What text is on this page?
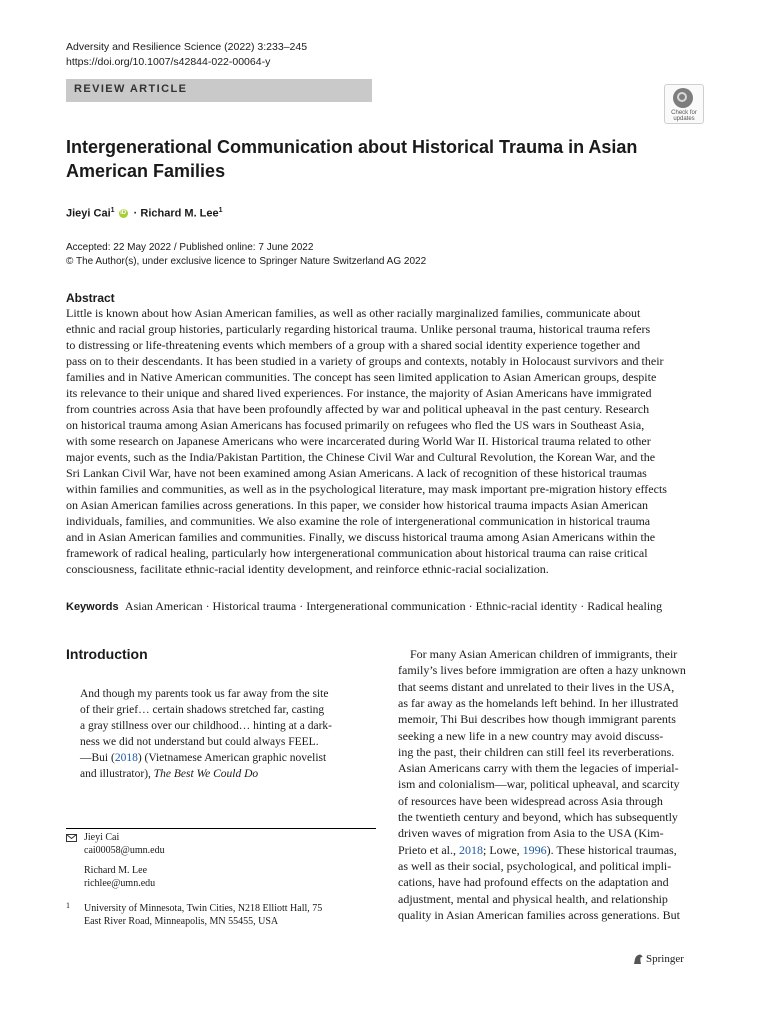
Adversity and Resilience Science (2022) 3:233–245
https://doi.org/10.1007/s42844-022-00064-y
REVIEW ARTICLE
Check for
updates
Intergenerational Communication about Historical Trauma in Asian
American Families
Jieyi Cai$^1$ iD · Richard M. Lee$^1$
Accepted: 22 May 2022 / Published online: 7 June 2022
© The Author(s), under exclusive licence to Springer Nature Switzerland AG 2022
Abstract
Little is known about how Asian American families, as well as other racially marginalized families, communicate about
ethnic and racial group histories, particularly regarding historical trauma. Unlike personal trauma, historical trauma refers
to distressing or life-threatening events which members of a group with a shared social identity experience together and
pass on to their descendants. It has been studied in a variety of groups and contexts, notably in Holocaust survivors and their
families and in Native American communities. The concept has seen limited application to Asian American groups, despite
its relevance to their unique and shared lived experiences. For instance, the majority of Asian Americans have immigrated
from countries across Asia that have been profoundly affected by war and political upheaval in the past century. Research
on historical trauma among Asian Americans has focused primarily on refugees who fled the US wars in Southeast Asia,
with some research on Japanese Americans who were incarcerated during World War II. Historical trauma related to other
major events, such as the India/Pakistan Partition, the Chinese Civil War and Cultural Revolution, the Korean War, and the
Sri Lankan Civil War, have not been examined among Asian Americans. A lack of recognition of these historical traumas
within families and communities, as well as in the psychological literature, may mask important pre-migration history effects
on Asian American families across generations. In this paper, we consider how historical trauma impacts Asian American
individuals, families, and communities. We also examine the role of intergenerational communication in historical trauma
and in Asian American families and communities. Finally, we discuss historical trauma among Asian Americans within the
framework of radical healing, particularly how intergenerational communication about historical trauma can raise critical
consciousness, facilitate ethnic-racial identity development, and reinforce ethnic-racial socialization.
Keywords Asian American · Historical trauma · Intergenerational communication · Ethnic-racial identity · Radical healing
Introduction
And though my parents took us far away from the site
of their grief… certain shadows stretched far, casting
a gray stillness over our childhood… hinting at a dark-
ness we did not understand but could always FEEL.
—Bui (2018) (Vietnamese American graphic novelist
and illustrator), The Best We Could Do
For many Asian American children of immigrants, their
family’s lives before immigration are often a hazy unknown
that seems distant and unrelated to their lives in the USA,
as far away as the homelands left behind. In her illustrated
memoir, Thi Bui describes how though immigrant parents
seeking a new life in a new country may avoid discuss-
ing the past, their children can still feel its reverberations.
Asian Americans carry with them the legacies of imperial-
ism and colonialism—war, political upheaval, and scarcity
of resources have been widespread across Asia through
the twentieth century and beyond, which has subsequently
driven waves of migration from Asia to the USA (Kim-
Prieto et al., 2018; Lowe, 1996). These historical traumas,
as well as their social, psychological, and political impli-
cations, have had profound effects on the adaptation and
adjustment, mental and physical health, and relationship
quality in Asian American families across generations. But
Jieyi Cai
cai00058@umn.edu
Richard M. Lee
richlee@umn.edu
1 University of Minnesota, Twin Cities, N218 Elliott Hall, 75
East River Road, Minneapolis, MN 55455, USA
Springer
